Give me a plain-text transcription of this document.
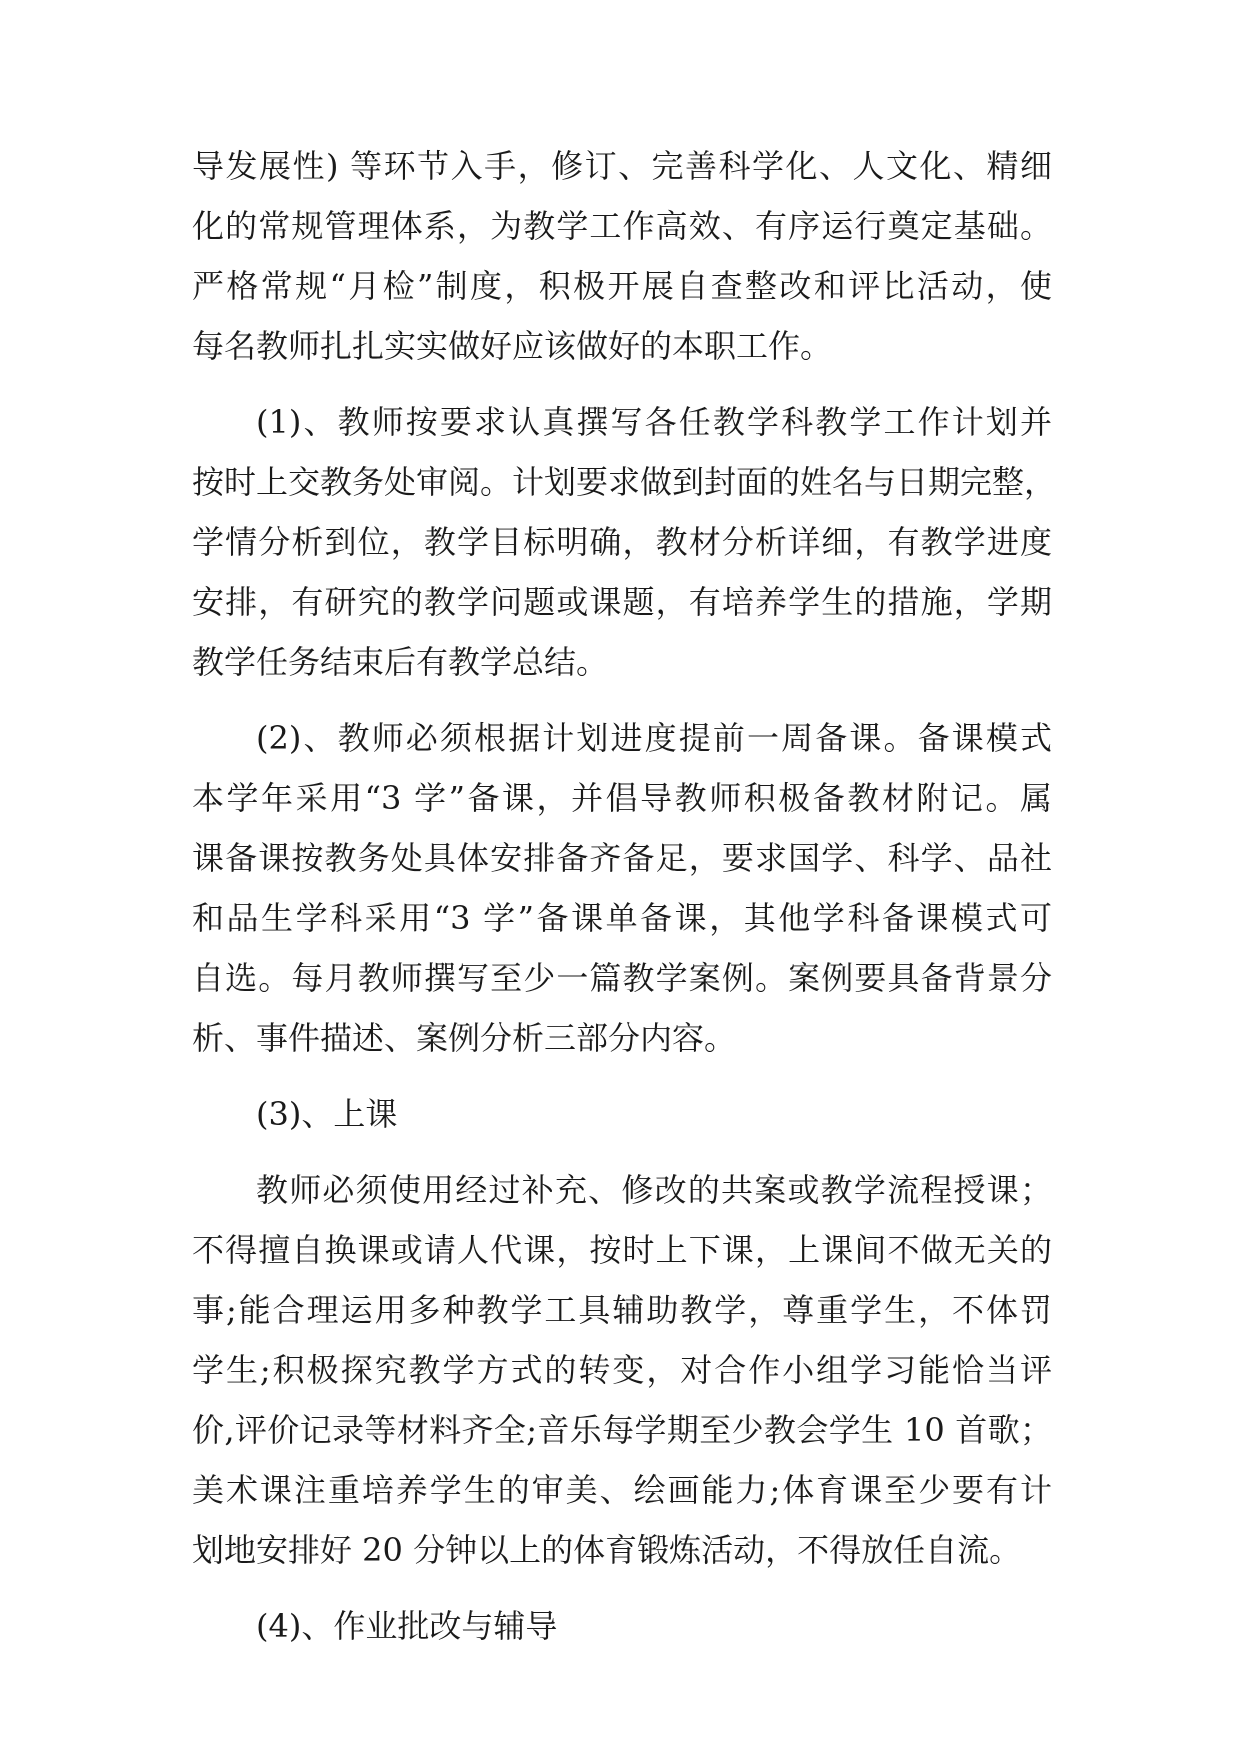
导发展性) 等环节入手，修订、完善科学化、人文化、精细
化的常规管理体系，为教学工作高效、有序运行奠定基础。
严格常规“月检”制度，积极开展自查整改和评比活动，使
每名教师扎扎实实做好应该做好的本职工作。
(1)、教师按要求认真撰写各任教学科教学工作计划并
按时上交教务处审阅。计划要求做到封面的姓名与日期完整，
学情分析到位，教学目标明确，教材分析详细，有教学进度
安排，有研究的教学问题或课题，有培养学生的措施，学期
教学任务结束后有教学总结。
(2)、教师必须根据计划进度提前一周备课。备课模式
本学年采用“3 学”备课，并倡导教师积极备教材附记。属
课备课按教务处具体安排备齐备足，要求国学、科学、品社
和品生学科采用“3 学”备课单备课，其他学科备课模式可
自选。每月教师撰写至少一篇教学案例。案例要具备背景分
析、事件描述、案例分析三部分内容。
(3)、上课
教师必须使用经过补充、修改的共案或教学流程授课；
不得擅自换课或请人代课，按时上下课，上课间不做无关的
事;能合理运用多种教学工具辅助教学，尊重学生，不体罚
学生;积极探究教学方式的转变，对合作小组学习能恰当评
价,评价记录等材料齐全;音乐每学期至少教会学生 10 首歌；
美术课注重培养学生的审美、绘画能力;体育课至少要有计
划地安排好 20 分钟以上的体育锻炼活动，不得放任自流。
(4)、作业批改与辅导
